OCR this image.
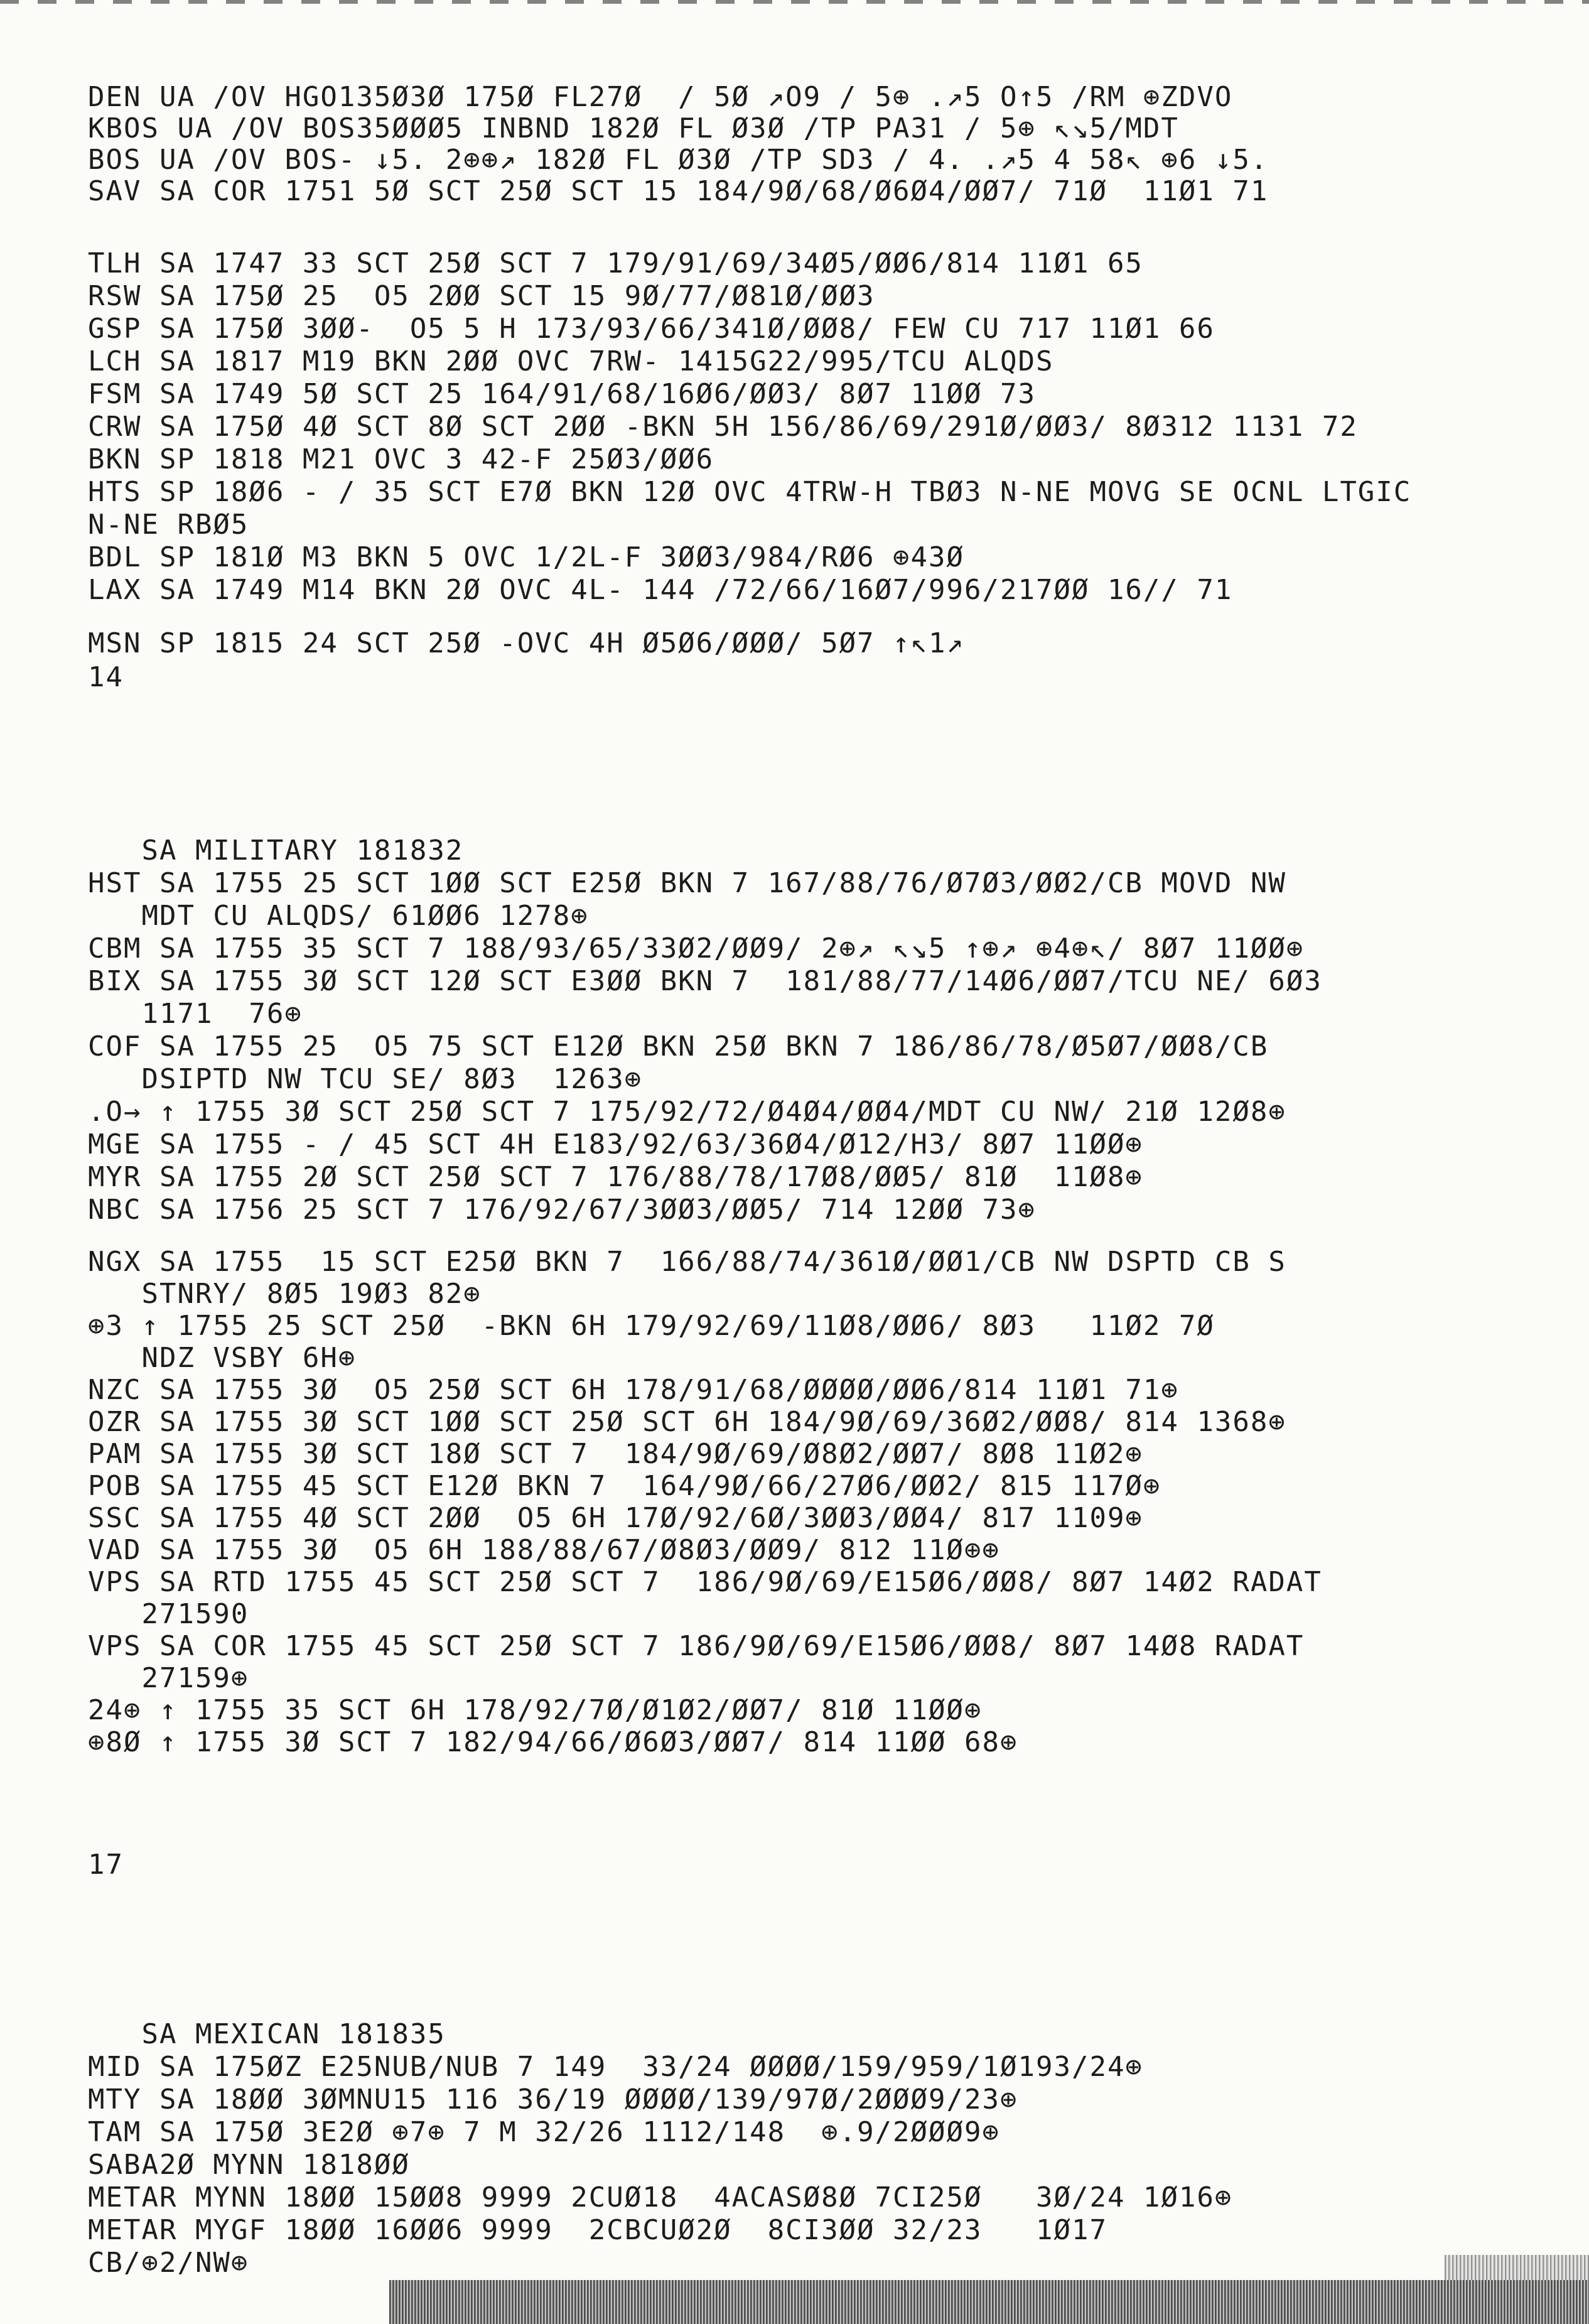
DEN UA /OV HGO135Ø3Ø 175Ø FL27Ø  / 5Ø ↗O9 / 5⊕ .↗5 O↑5 /RM ⊕ZDVO
KBOS UA /OV BOS35ØØØ5 INBND 182Ø FL Ø3Ø /TP PA31 / 5⊕ ↖↘5/MDT
BOS UA /OV BOS- ↓5. 2⊕⊕↗ 182Ø FL Ø3Ø /TP SD3 / 4. .↗5 4 58↖ ⊕6 ↓5.
SAV SA COR 1751 5Ø SCT 25Ø SCT 15 184/9Ø/68/Ø6Ø4/ØØ7/ 71Ø  11Ø1 71
TLH SA 1747 33 SCT 25Ø SCT 7 179/91/69/34Ø5/ØØ6/814 11Ø1 65
RSW SA 175Ø 25  O5 2ØØ SCT 15 9Ø/77/Ø81Ø/ØØ3
GSP SA 175Ø 3ØØ-  O5 5 H 173/93/66/341Ø/ØØ8/ FEW CU 717 11Ø1 66
LCH SA 1817 M19 BKN 2ØØ OVC 7RW- 1415G22/995/TCU ALQDS
FSM SA 1749 5Ø SCT 25 164/91/68/16Ø6/ØØ3/ 8Ø7 11ØØ 73
CRW SA 175Ø 4Ø SCT 8Ø SCT 2ØØ -BKN 5H 156/86/69/291Ø/ØØ3/ 8Ø312 1131 72
BKN SP 1818 M21 OVC 3 42-F 25Ø3/ØØ6
HTS SP 18Ø6 - / 35 SCT E7Ø BKN 12Ø OVC 4TRW-H TBØ3 N-NE MOVG SE OCNL LTGIC
N-NE RBØ5
BDL SP 181Ø M3 BKN 5 OVC 1/2L-F 3ØØ3/984/RØ6 ⊕43Ø
LAX SA 1749 M14 BKN 2Ø OVC 4L- 144 /72/66/16Ø7/996/217ØØ 16// 71
MSN SP 1815 24 SCT 25Ø -OVC 4H Ø5Ø6/ØØØ/ 5Ø7 ↑↖1↗
14
SA MILITARY 181832
HST SA 1755 25 SCT 1ØØ SCT E25Ø BKN 7 167/88/76/Ø7Ø3/ØØ2/CB MOVD NW
MDT CU ALQDS/ 61ØØ6 1278⊕
CBM SA 1755 35 SCT 7 188/93/65/33Ø2/ØØ9/ 2⊕↗ ↖↘5 ↑⊕↗ ⊕4⊕↖/ 8Ø7 11ØØ⊕
BIX SA 1755 3Ø SCT 12Ø SCT E3ØØ BKN 7  181/88/77/14Ø6/ØØ7/TCU NE/ 6Ø3
1171  76⊕
COF SA 1755 25  O5 75 SCT E12Ø BKN 25Ø BKN 7 186/86/78/Ø5Ø7/ØØ8/CB
DSIPTD NW TCU SE/ 8Ø3  1263⊕
.O→ ↑ 1755 3Ø SCT 25Ø SCT 7 175/92/72/Ø4Ø4/ØØ4/MDT CU NW/ 21Ø 12Ø8⊕
MGE SA 1755 - / 45 SCT 4H E183/92/63/36Ø4/Ø12/H3/ 8Ø7 11ØØ⊕
MYR SA 1755 2Ø SCT 25Ø SCT 7 176/88/78/17Ø8/ØØ5/ 81Ø  11Ø8⊕
NBC SA 1756 25 SCT 7 176/92/67/3ØØ3/ØØ5/ 714 12ØØ 73⊕
NGX SA 1755  15 SCT E25Ø BKN 7  166/88/74/361Ø/ØØ1/CB NW DSPTD CB S
STNRY/ 8Ø5 19Ø3 82⊕
⊕3 ↑ 1755 25 SCT 25Ø  -BKN 6H 179/92/69/11Ø8/ØØ6/ 8Ø3   11Ø2 7Ø
NDZ VSBY 6H⊕
NZC SA 1755 3Ø  O5 25Ø SCT 6H 178/91/68/ØØØØ/ØØ6/814 11Ø1 71⊕
OZR SA 1755 3Ø SCT 1ØØ SCT 25Ø SCT 6H 184/9Ø/69/36Ø2/ØØ8/ 814 1368⊕
PAM SA 1755 3Ø SCT 18Ø SCT 7  184/9Ø/69/Ø8Ø2/ØØ7/ 8Ø8 11Ø2⊕
POB SA 1755 45 SCT E12Ø BKN 7  164/9Ø/66/27Ø6/ØØ2/ 815 117Ø⊕
SSC SA 1755 4Ø SCT 2ØØ  O5 6H 17Ø/92/6Ø/3ØØ3/ØØ4/ 817 1109⊕
VAD SA 1755 3Ø  O5 6H 188/88/67/Ø8Ø3/ØØ9/ 812 11Ø⊕⊕
VPS SA RTD 1755 45 SCT 25Ø SCT 7  186/9Ø/69/E15Ø6/ØØ8/ 8Ø7 14Ø2 RADAT
271590
VPS SA COR 1755 45 SCT 25Ø SCT 7 186/9Ø/69/E15Ø6/ØØ8/ 8Ø7 14Ø8 RADAT
27159⊕
24⊕ ↑ 1755 35 SCT 6H 178/92/7Ø/Ø1Ø2/ØØ7/ 81Ø 11ØØ⊕
⊕8Ø ↑ 1755 3Ø SCT 7 182/94/66/Ø6Ø3/ØØ7/ 814 11ØØ 68⊕
17
SA MEXICAN 181835
MID SA 175ØZ E25NUB/NUB 7 149  33/24 ØØØØ/159/959/1Ø193/24⊕
MTY SA 18ØØ 3ØMNU15 116 36/19 ØØØØ/139/97Ø/2ØØØ9/23⊕
TAM SA 175Ø 3E2Ø ⊕7⊕ 7 M 32/26 1112/148  ⊕.9/2ØØØ9⊕
SABA2Ø MYNN 1818ØØ
METAR MYNN 18ØØ 15ØØ8 9999 2CUØ18  4ACASØ8Ø 7CI25Ø   3Ø/24 1Ø16⊕
METAR MYGF 18ØØ 16ØØ6 9999  2CBCUØ2Ø  8CI3ØØ 32/23   1Ø17
CB/⊕2/NW⊕
